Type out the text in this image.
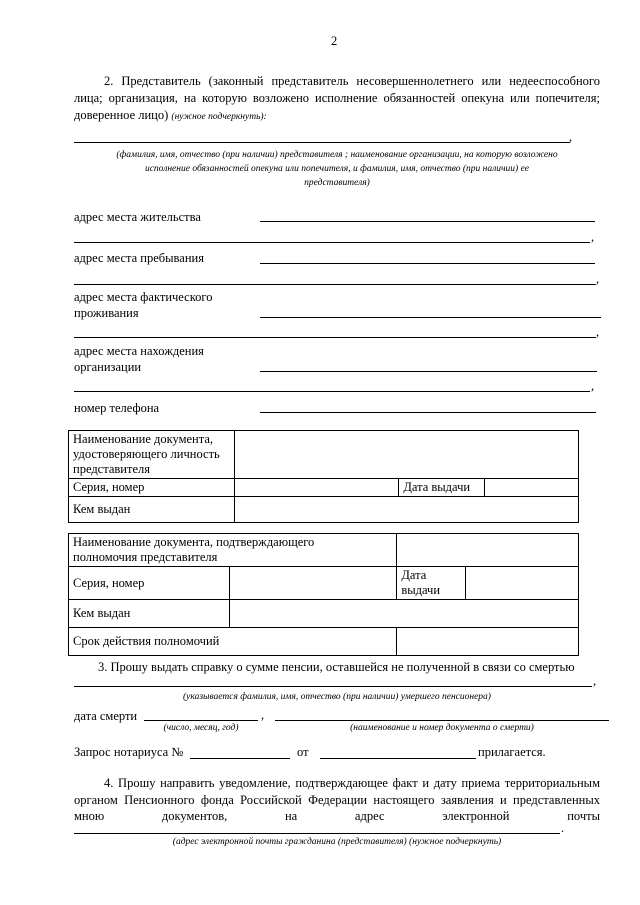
2
2. Представитель (законный представитель несовершеннолетнего или недееспособного
лица; организация, на которую возложено исполнение обязанностей опекуна или попечителя;
доверенное лицо) (нужное подчеркнуть):
,
(фамилия, имя, отчество (при наличии) представителя ; наименование организации, на которую возложено
исполнение обязанностей опекуна или попечителя, и фамилия, имя, отчество (при наличии) ее
представителя)
адрес места жительства
,
адрес места пребывания
,
адрес места фактического
проживания
,
адрес места нахождения
организации
,
номер телефона
Наименование документа,
удостоверяющего личность
представителя			

Серия, номер		Дата выдачи	
Кем выдан			
Наименование документа, подтверждающего
полномочия представителя			

Серия, номер		Дата выдачи	
Кем выдан			
Срок действия полномочий			
3. Прошу выдать справку о сумме пенсии, оставшейся не полученной в связи со смертью
,
(указывается фамилия, имя, отчество (при наличии) умершего пенсионера)
дата смерти	,
(число, месяц, год)	(наименование и номер документа о смерти)
Запрос нотариуса №	от	прилагается.
4. Прошу направить уведомление, подтверждающее факт и дату приема территориальным
органом Пенсионного фонда Российской Федерации настоящего заявления и представленных
мною документов, на адрес электронной почты
.
(адрес электронной почты гражданина (представителя) (нужное подчеркнуть)
